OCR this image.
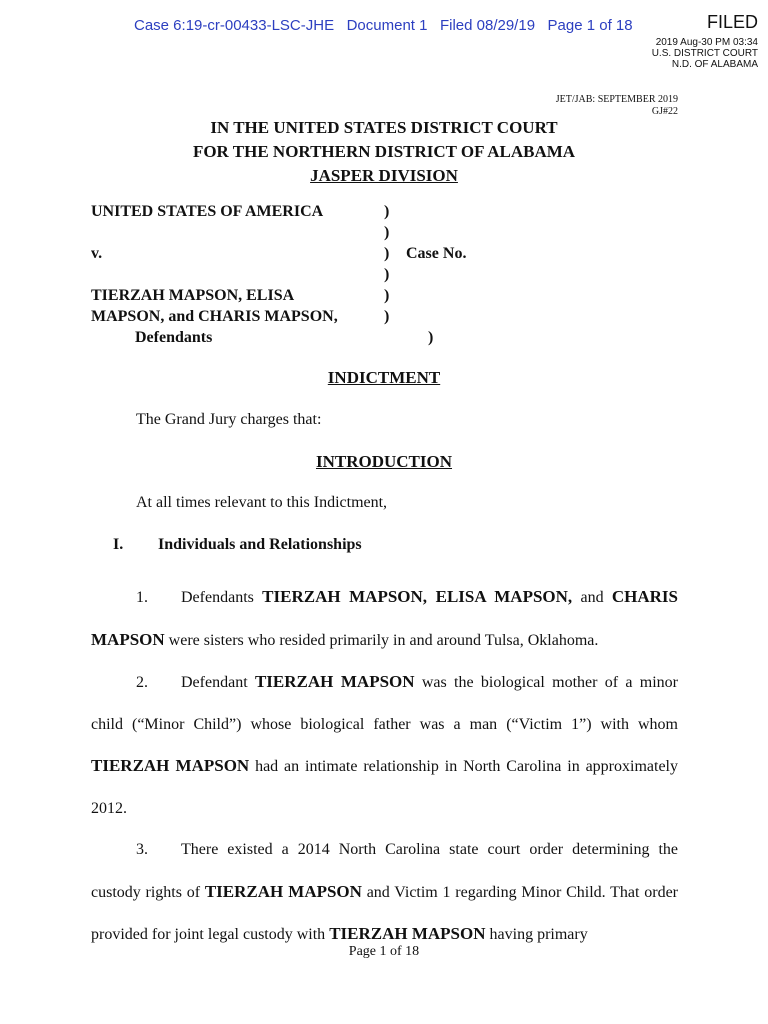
Case 6:19-cr-00433-LSC-JHE   Document 1   Filed 08/29/19   Page 1 of 18	FILED
2019 Aug-30 PM 03:34
U.S. DISTRICT COURT
N.D. OF ALABAMA
JET/JAB: SEPTEMBER 2019
GJ#22
IN THE UNITED STATES DISTRICT COURT
FOR THE NORTHERN DISTRICT OF ALABAMA
JASPER DIVISION
UNITED STATES OF AMERICA	)
)
v.	)	Case No.
)
TIERZAH MAPSON, ELISA	)
MAPSON, and CHARIS MAPSON,	)
Defendants	)
INDICTMENT
The Grand Jury charges that:
INTRODUCTION
At all times relevant to this Indictment,
I. Individuals and Relationships

1. Defendants TIERZAH MAPSON, ELISA MAPSON, and CHARIS MAPSON were sisters who resided primarily in and around Tulsa, Oklahoma.

2. Defendant TIERZAH MAPSON was the biological mother of a minor child (“Minor Child”) whose biological father was a man (“Victim 1”) with whom TIERZAH MAPSON had an intimate relationship in North Carolina in approximately 2012.

3. There existed a 2014 North Carolina state court order determining the custody rights of TIERZAH MAPSON and Victim 1 regarding Minor Child. That order provided for joint legal custody with TIERZAH MAPSON having primary

Page 1 of 18
